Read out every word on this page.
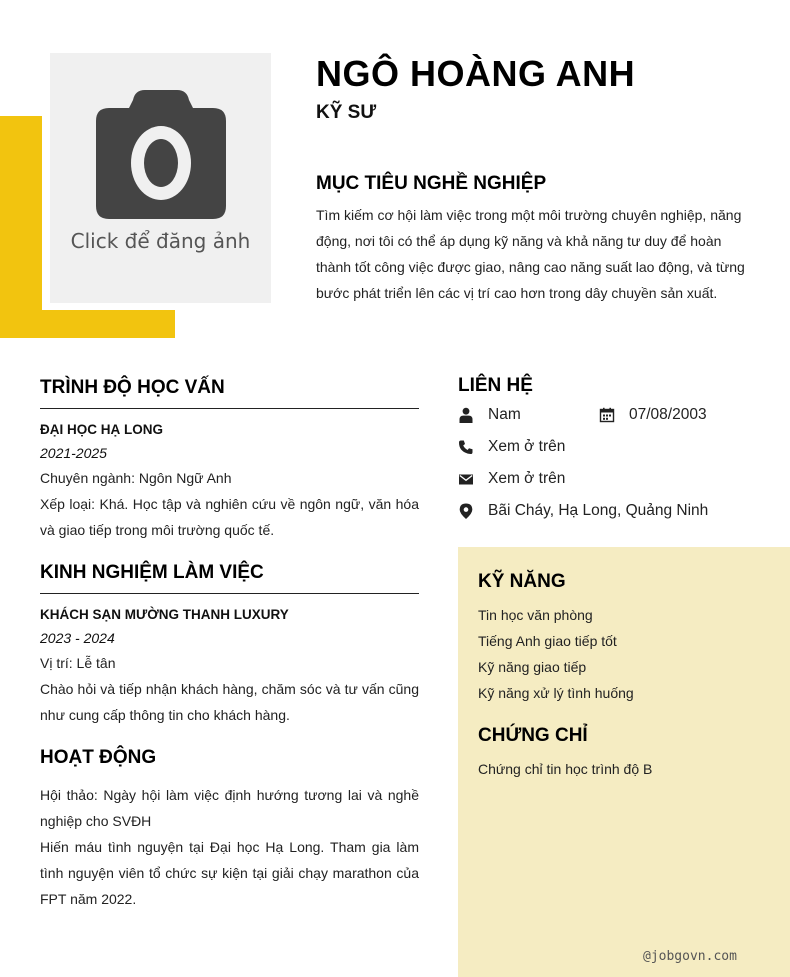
Click để đăng ảnh
NGÔ HOÀNG ANH
KỸ SƯ
MỤC TIÊU NGHỀ NGHIỆP
Tìm kiếm cơ hội làm việc trong một môi trường chuyên nghiệp, năng
động, nơi tôi có thể áp dụng kỹ năng và khả năng tư duy để hoàn
thành tốt công việc được giao, nâng cao năng suất lao động, và từng
bước phát triển lên các vị trí cao hơn trong dây chuyền sản xuất.
TRÌNH ĐỘ HỌC VẤN
ĐẠI HỌC HẠ LONG
2021-2025
Chuyên ngành: Ngôn Ngữ Anh
Xếp loại: Khá. Học tập và nghiên cứu về ngôn ngữ, văn hóa
và giao tiếp trong môi trường quốc tế.
KINH NGHIỆM LÀM VIỆC
KHÁCH SẠN MƯỜNG THANH LUXURY
2023 - 2024
Vị trí: Lễ tân
Chào hỏi và tiếp nhận khách hàng, chăm sóc và tư vấn cũng
như cung cấp thông tin cho khách hàng.
HOẠT ĐỘNG
Hội thảo: Ngày hội làm việc định hướng tương lai và nghề
nghiệp cho SVĐH
Hiến máu tình nguyện tại Đại học Hạ Long. Tham gia làm
tình nguyện viên tổ chức sự kiện tại giải chạy marathon của
FPT năm 2022.
LIÊN HỆ
Nam	07/08/2003
Xem ở trên
Xem ở trên
Bãi Cháy, Hạ Long, Quảng Ninh
KỸ NĂNG
Tin học văn phòng
Tiếng Anh giao tiếp tốt
Kỹ năng giao tiếp
Kỹ năng xử lý tình huống
CHỨNG CHỈ
Chứng chỉ tin học trình độ B
@jobgovn.com
